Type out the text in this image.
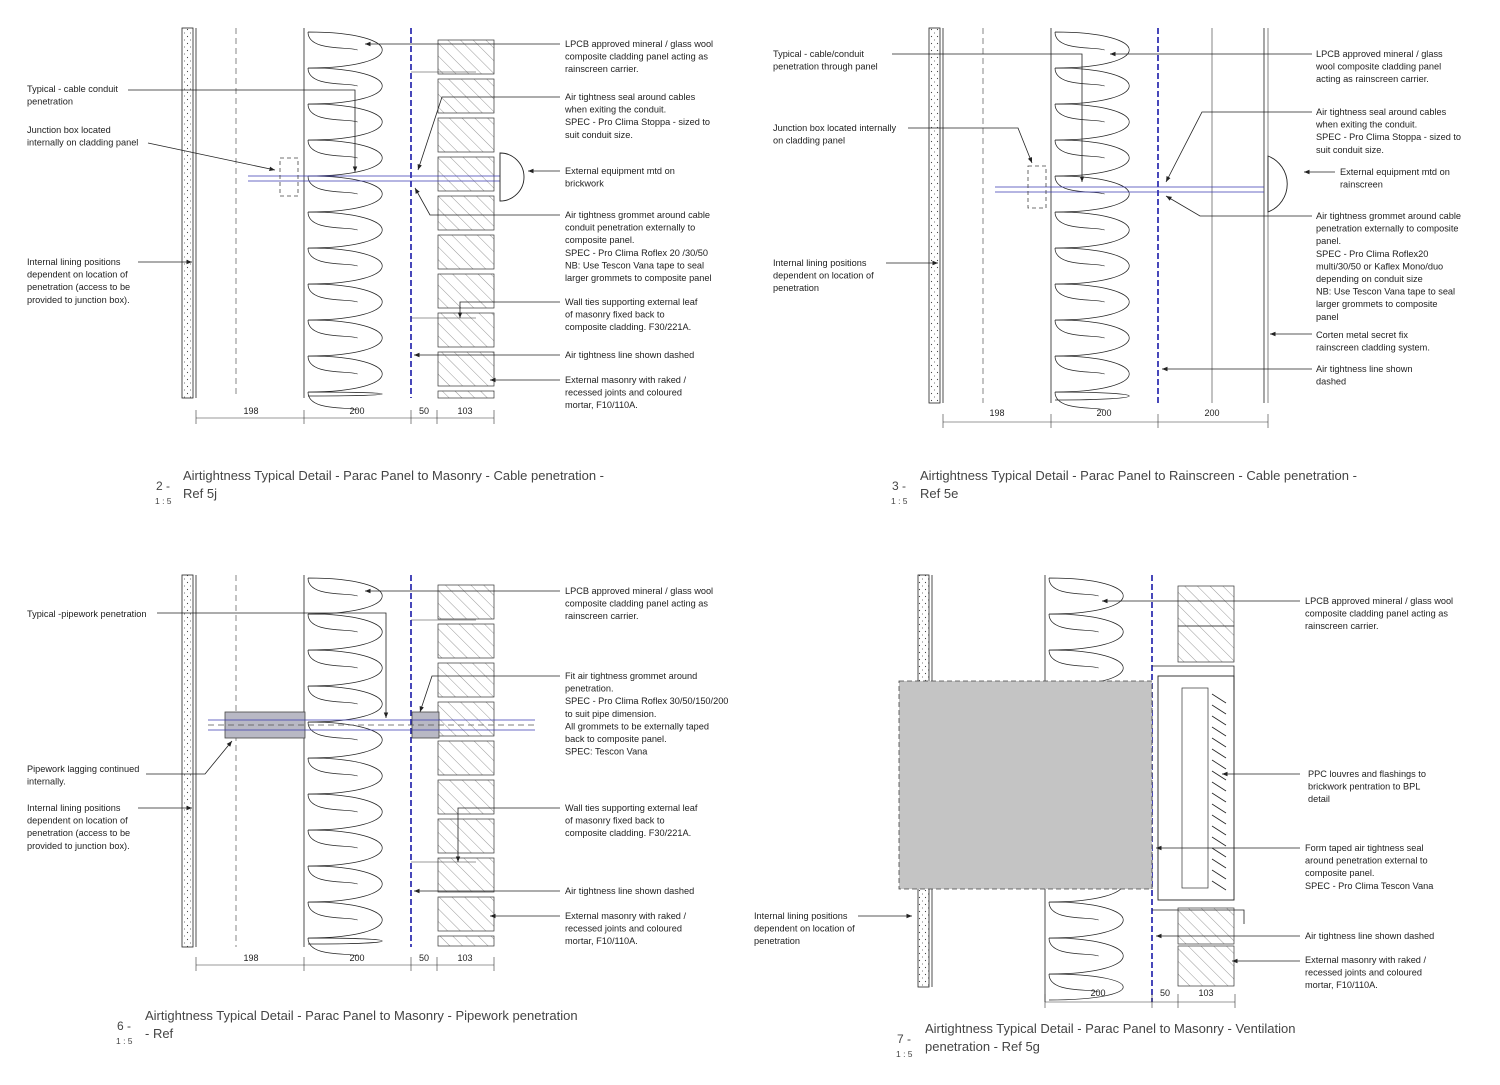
198	200	50	103	198	200	200
198	200	50	103
200	50	103
Typical - cable conduit penetration
Junction box located internally on cladding panel
Internal lining positions dependent on location of penetration (access to be provided to junction box).
LPCB approved mineral / glass wool composite cladding panel acting as rainscreen carrier.
Air tightness seal around cables when exiting the conduit. SPEC - Pro Clima Stoppa - sized to suit conduit size.
External equipment mtd on brickwork
Air tightness grommet around cable conduit penetration externally to composite panel. SPEC - Pro Clima Roflex 20 /30/50 NB: Use Tescon Vana tape to seal larger grommets to composite panel
Wall ties supporting external leaf of masonry fixed back to composite cladding. F30/221A.
Air tightness line shown dashed
External masonry with raked / recessed joints and coloured mortar, F10/110A.
Airtightness Typical Detail - Parac Panel to Masonry - Cable penetration -
Ref 5j
2 -
1 : 5
Typical - cable/conduit penetration through panel
Junction box located internally on cladding panel
Internal lining positions dependent on location of penetration
LPCB approved mineral / glass wool composite cladding panel acting as rainscreen carrier.
Air tightness seal around cables when exiting the conduit. SPEC - Pro Clima Stoppa - sized to suit conduit size.
External equipment mtd on rainscreen
Air tightness grommet around cable penetration externally to composite panel. SPEC - Pro Clima Roflex20 multi/30/50 or Kaflex Mono/duo depending on conduit size NB: Use Tescon Vana tape to seal larger grommets to composite panel
Corten metal secret fix rainscreen cladding system.
Air tightness line shown dashed
Airtightness Typical Detail - Parac Panel to Rainscreen - Cable penetration -
Ref 5e
3 -
1 : 5
Typical -pipework penetration
Pipework lagging continued internally.
Internal lining positions dependent on location of penetration (access to be provided to junction box).
LPCB approved mineral / glass wool composite cladding panel acting as rainscreen carrier.
Fit air tightness grommet around penetration. SPEC - Pro Clima Roflex 30/50/150/200 to suit pipe dimension. All grommets to be externally taped back to composite panel. SPEC: Tescon Vana
Wall ties supporting external leaf of masonry fixed back to composite cladding. F30/221A.
Air tightness line shown dashed
External masonry with raked / recessed joints and coloured mortar, F10/110A.
Airtightness Typical Detail - Parac Panel to Masonry - Pipework penetration
- Ref
6 -
1 : 5
Internal lining positions dependent on location of penetration
LPCB approved mineral / glass wool composite cladding panel acting as rainscreen carrier.
PPC louvres and flashings to brickwork pentration to BPL detail
Form taped air tightness seal around penetration external to composite panel. SPEC - Pro Clima Tescon Vana
Air tightness line shown dashed
External masonry with raked / recessed joints and coloured mortar, F10/110A.
Airtightness Typical Detail - Parac Panel to Masonry - Ventilation
penetration - Ref 5g
7 -
1 : 5
